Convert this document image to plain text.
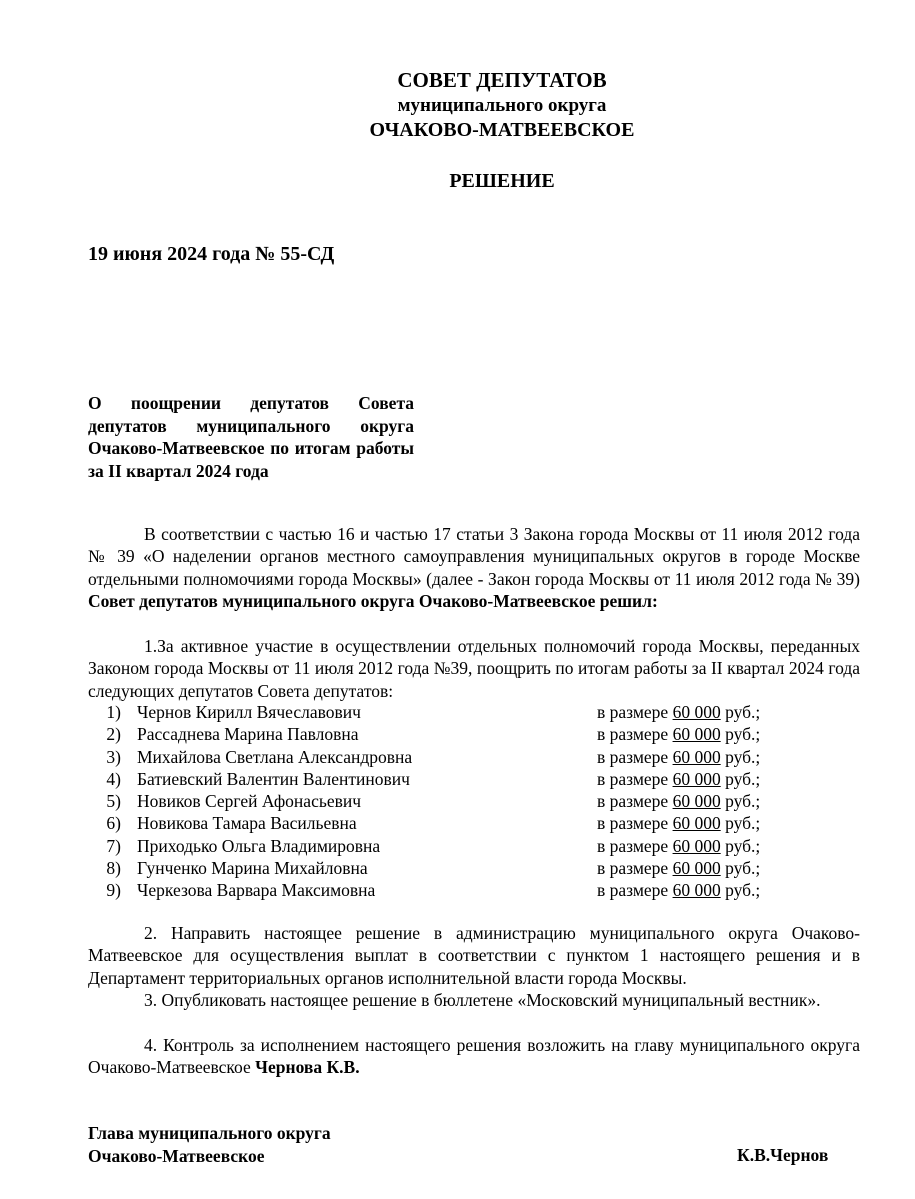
СОВЕТ ДЕПУТАТОВ
муниципального округа
ОЧАКОВО-МАТВЕЕВСКОЕ
РЕШЕНИЕ
19 июня 2024 года № 55-СД
О поощрении депутатов Совета депутатов муниципального округа Очаково-Матвеевское по итогам работы за II квартал 2024 года
В соответствии с частью 16 и частью 17 статьи 3 Закона города Москвы от 11 июля 2012 года № 39 «О наделении органов местного самоуправления муниципальных округов в городе Москве отдельными полномочиями города Москвы» (далее - Закон города Москвы от 11 июля 2012 года № 39) Совет депутатов муниципального округа Очаково-Матвеевское решил:
1.За активное участие в осуществлении отдельных полномочий города Москвы, переданных Законом города Москвы от 11 июля 2012 года №39, поощрить по итогам работы за II квартал 2024 года следующих депутатов Совета депутатов:
1) Чернов Кирилл Вячеславович	в размере 60 000 руб.;
2) Рассаднева Марина Павловна	в размере 60 000 руб.;
3) Михайлова Светлана Александровна	в размере 60 000 руб.;
4) Батиевский Валентин Валентинович	в размере 60 000 руб.;
5) Новиков Сергей Афонасьевич	в размере 60 000 руб.;
6) Новикова Тамара Васильевна	в размере 60 000 руб.;
7) Приходько Ольга Владимировна	в размере 60 000 руб.;
8) Гунченко Марина Михайловна	в размере 60 000 руб.;
9) Черкезова Варвара Максимовна	в размере 60 000 руб.;
2. Направить настоящее решение в администрацию муниципального округа Очаково-Матвеевское для осуществления выплат в соответствии с пунктом 1 настоящего решения и в Департамент территориальных органов исполнительной власти города Москвы.
3. Опубликовать настоящее решение в бюллетене «Московский муниципальный вестник».
4. Контроль за исполнением настоящего решения возложить на главу муниципального округа Очаково-Матвеевское Чернова К.В.
Глава муниципального округа
Очаково-Матвеевское	К.В.Чернов
